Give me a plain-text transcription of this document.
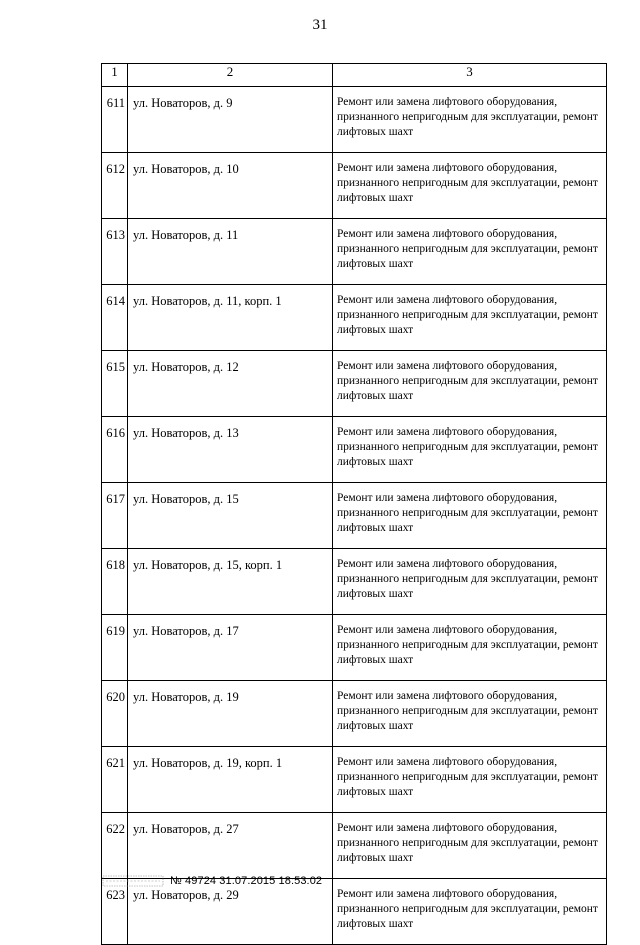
31
1	2	3
611	ул. Новаторов, д. 9	Ремонт или замена лифтового оборудования, признанного непригодным для эксплуатации, ремонт лифтовых шахт
612	ул. Новаторов, д. 10	Ремонт или замена лифтового оборудования, признанного непригодным для эксплуатации, ремонт лифтовых шахт
613	ул. Новаторов, д. 11	Ремонт или замена лифтового оборудования, признанного непригодным для эксплуатации, ремонт лифтовых шахт
614	ул. Новаторов, д. 11, корп. 1	Ремонт или замена лифтового оборудования, признанного непригодным для эксплуатации, ремонт лифтовых шахт
615	ул. Новаторов, д. 12	Ремонт или замена лифтового оборудования, признанного непригодным для эксплуатации, ремонт лифтовых шахт
616	ул. Новаторов, д. 13	Ремонт или замена лифтового оборудования, признанного непригодным для эксплуатации, ремонт лифтовых шахт
617	ул. Новаторов, д. 15	Ремонт или замена лифтового оборудования, признанного непригодным для эксплуатации, ремонт лифтовых шахт
618	ул. Новаторов, д. 15, корп. 1	Ремонт или замена лифтового оборудования, признанного непригодным для эксплуатации, ремонт лифтовых шахт
619	ул. Новаторов, д. 17	Ремонт или замена лифтового оборудования, признанного непригодным для эксплуатации, ремонт лифтовых шахт
620	ул. Новаторов, д. 19	Ремонт или замена лифтового оборудования, признанного непригодным для эксплуатации, ремонт лифтовых шахт
621	ул. Новаторов, д. 19, корп. 1	Ремонт или замена лифтового оборудования, признанного непригодным для эксплуатации, ремонт лифтовых шахт
622	ул. Новаторов, д. 27	Ремонт или замена лифтового оборудования, признанного непригодным для эксплуатации, ремонт лифтовых шахт
623	ул. Новаторов, д. 29	Ремонт или замена лифтового оборудования, признанного непригодным для эксплуатации, ремонт лифтовых шахт
№ 49724 31.07.2015 18:53:02
